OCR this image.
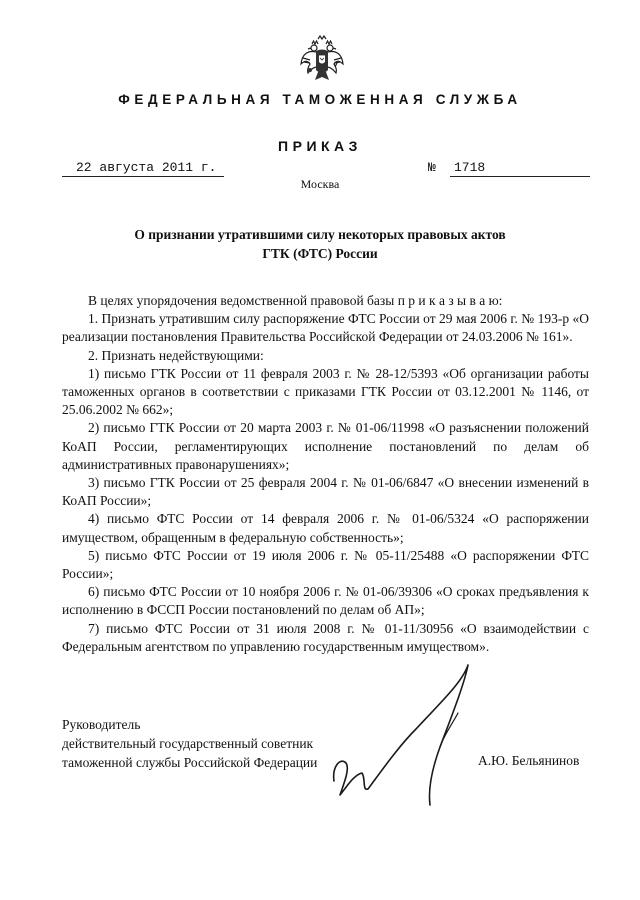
ФЕДЕРАЛЬНАЯ ТАМОЖЕННАЯ СЛУЖБА
ПРИКАЗ
22 августа 2011 г.	№	1718
Москва
О признании утратившими силу некоторых правовых актов
ГТК (ФТС) России

В целях упорядочения ведомственной правовой базы п р и к а з ы в а ю:

1. Признать утратившим силу распоряжение ФТС России от 29 мая 2006 г. № 193-р «О реализации постановления Правительства Российской Федерации от 24.03.2006 № 161».

2. Признать недействующими:

1) письмо ГТК России от 11 февраля 2003 г. № 28-12/5393 «Об организации работы таможенных органов в соответствии с приказами ГТК России от 03.12.2001 № 1146, от 25.06.2002 № 662»;

2) письмо ГТК России от 20 марта 2003 г. № 01-06/11998 «О разъяснении положений КоАП России, регламентирующих исполнение постановлений по делам об административных правонарушениях»;

3) письмо ГТК России от 25 февраля 2004 г. № 01-06/6847 «О внесении изменений в КоАП России»;

4) письмо ФТС России от 14 февраля 2006 г. № 01-06/5324 «О распоряжении имуществом, обращенным в федеральную собственность»;

5) письмо ФТС России от 19 июля 2006 г. № 05-11/25488 «О распоряжении ФТС России»;

6) письмо ФТС России от 10 ноября 2006 г. № 01-06/39306 «О сроках предъявления к исполнению в ФССП России постановлений по делам об АП»;

7) письмо ФТС России от 31 июля 2008 г. № 01-11/30956 «О взаимодействии с Федеральным агентством по управлению государственным имуществом».

Руководитель
действительный государственный советник
таможенной службы Российской Федерации	А.Ю. Бельянинов
